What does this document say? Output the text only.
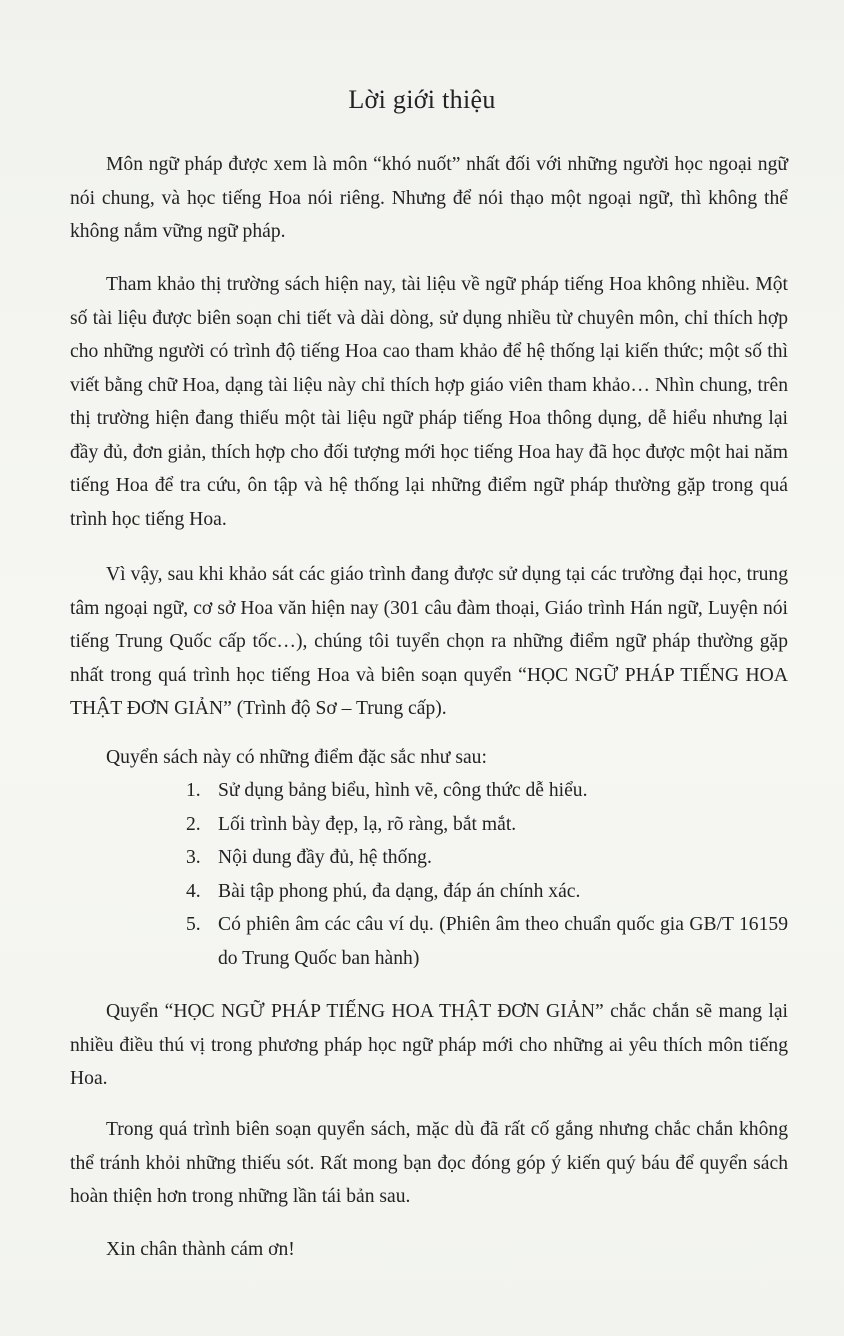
Lời giới thiệu

Môn ngữ pháp được xem là môn “khó nuốt” nhất đối với những người học ngoại ngữ nói chung, và học tiếng Hoa nói riêng. Nhưng để nói thạo một ngoại ngữ, thì không thể không nắm vững ngữ pháp.

Tham khảo thị trường sách hiện nay, tài liệu về ngữ pháp tiếng Hoa không nhiều. Một số tài liệu được biên soạn chi tiết và dài dòng, sử dụng nhiều từ chuyên môn, chỉ thích hợp cho những người có trình độ tiếng Hoa cao tham khảo để hệ thống lại kiến thức; một số thì viết bằng chữ Hoa, dạng tài liệu này chỉ thích hợp giáo viên tham khảo… Nhìn chung, trên thị trường hiện đang thiếu một tài liệu ngữ pháp tiếng Hoa thông dụng, dễ hiểu nhưng lại đầy đủ, đơn giản, thích hợp cho đối tượng mới học tiếng Hoa hay đã học được một hai năm tiếng Hoa để tra cứu, ôn tập và hệ thống lại những điểm ngữ pháp thường gặp trong quá trình học tiếng Hoa.

Vì vậy, sau khi khảo sát các giáo trình đang được sử dụng tại các trường đại học, trung tâm ngoại ngữ, cơ sở Hoa văn hiện nay (301 câu đàm thoại, Giáo trình Hán ngữ, Luyện nói tiếng Trung Quốc cấp tốc…), chúng tôi tuyển chọn ra những điểm ngữ pháp thường gặp nhất trong quá trình học tiếng Hoa và biên soạn quyển “HỌC NGỮ PHÁP TIẾNG HOA THẬT ĐƠN GIẢN” (Trình độ Sơ – Trung cấp).

Quyển sách này có những điểm đặc sắc như sau:

1. Sử dụng bảng biểu, hình vẽ, công thức dễ hiểu.
2. Lối trình bày đẹp, lạ, rõ ràng, bắt mắt.
3. Nội dung đầy đủ, hệ thống.
4. Bài tập phong phú, đa dạng, đáp án chính xác.
5. Có phiên âm các câu ví dụ. (Phiên âm theo chuẩn quốc gia GB/T 16159 do Trung Quốc ban hành)

Quyển “HỌC NGỮ PHÁP TIẾNG HOA THẬT ĐƠN GIẢN” chắc chắn sẽ mang lại nhiều điều thú vị trong phương pháp học ngữ pháp mới cho những ai yêu thích môn tiếng Hoa.

Trong quá trình biên soạn quyển sách, mặc dù đã rất cố gắng nhưng chắc chắn không thể tránh khỏi những thiếu sót. Rất mong bạn đọc đóng góp ý kiến quý báu để quyển sách hoàn thiện hơn trong những lần tái bản sau.

Xin chân thành cám ơn!
